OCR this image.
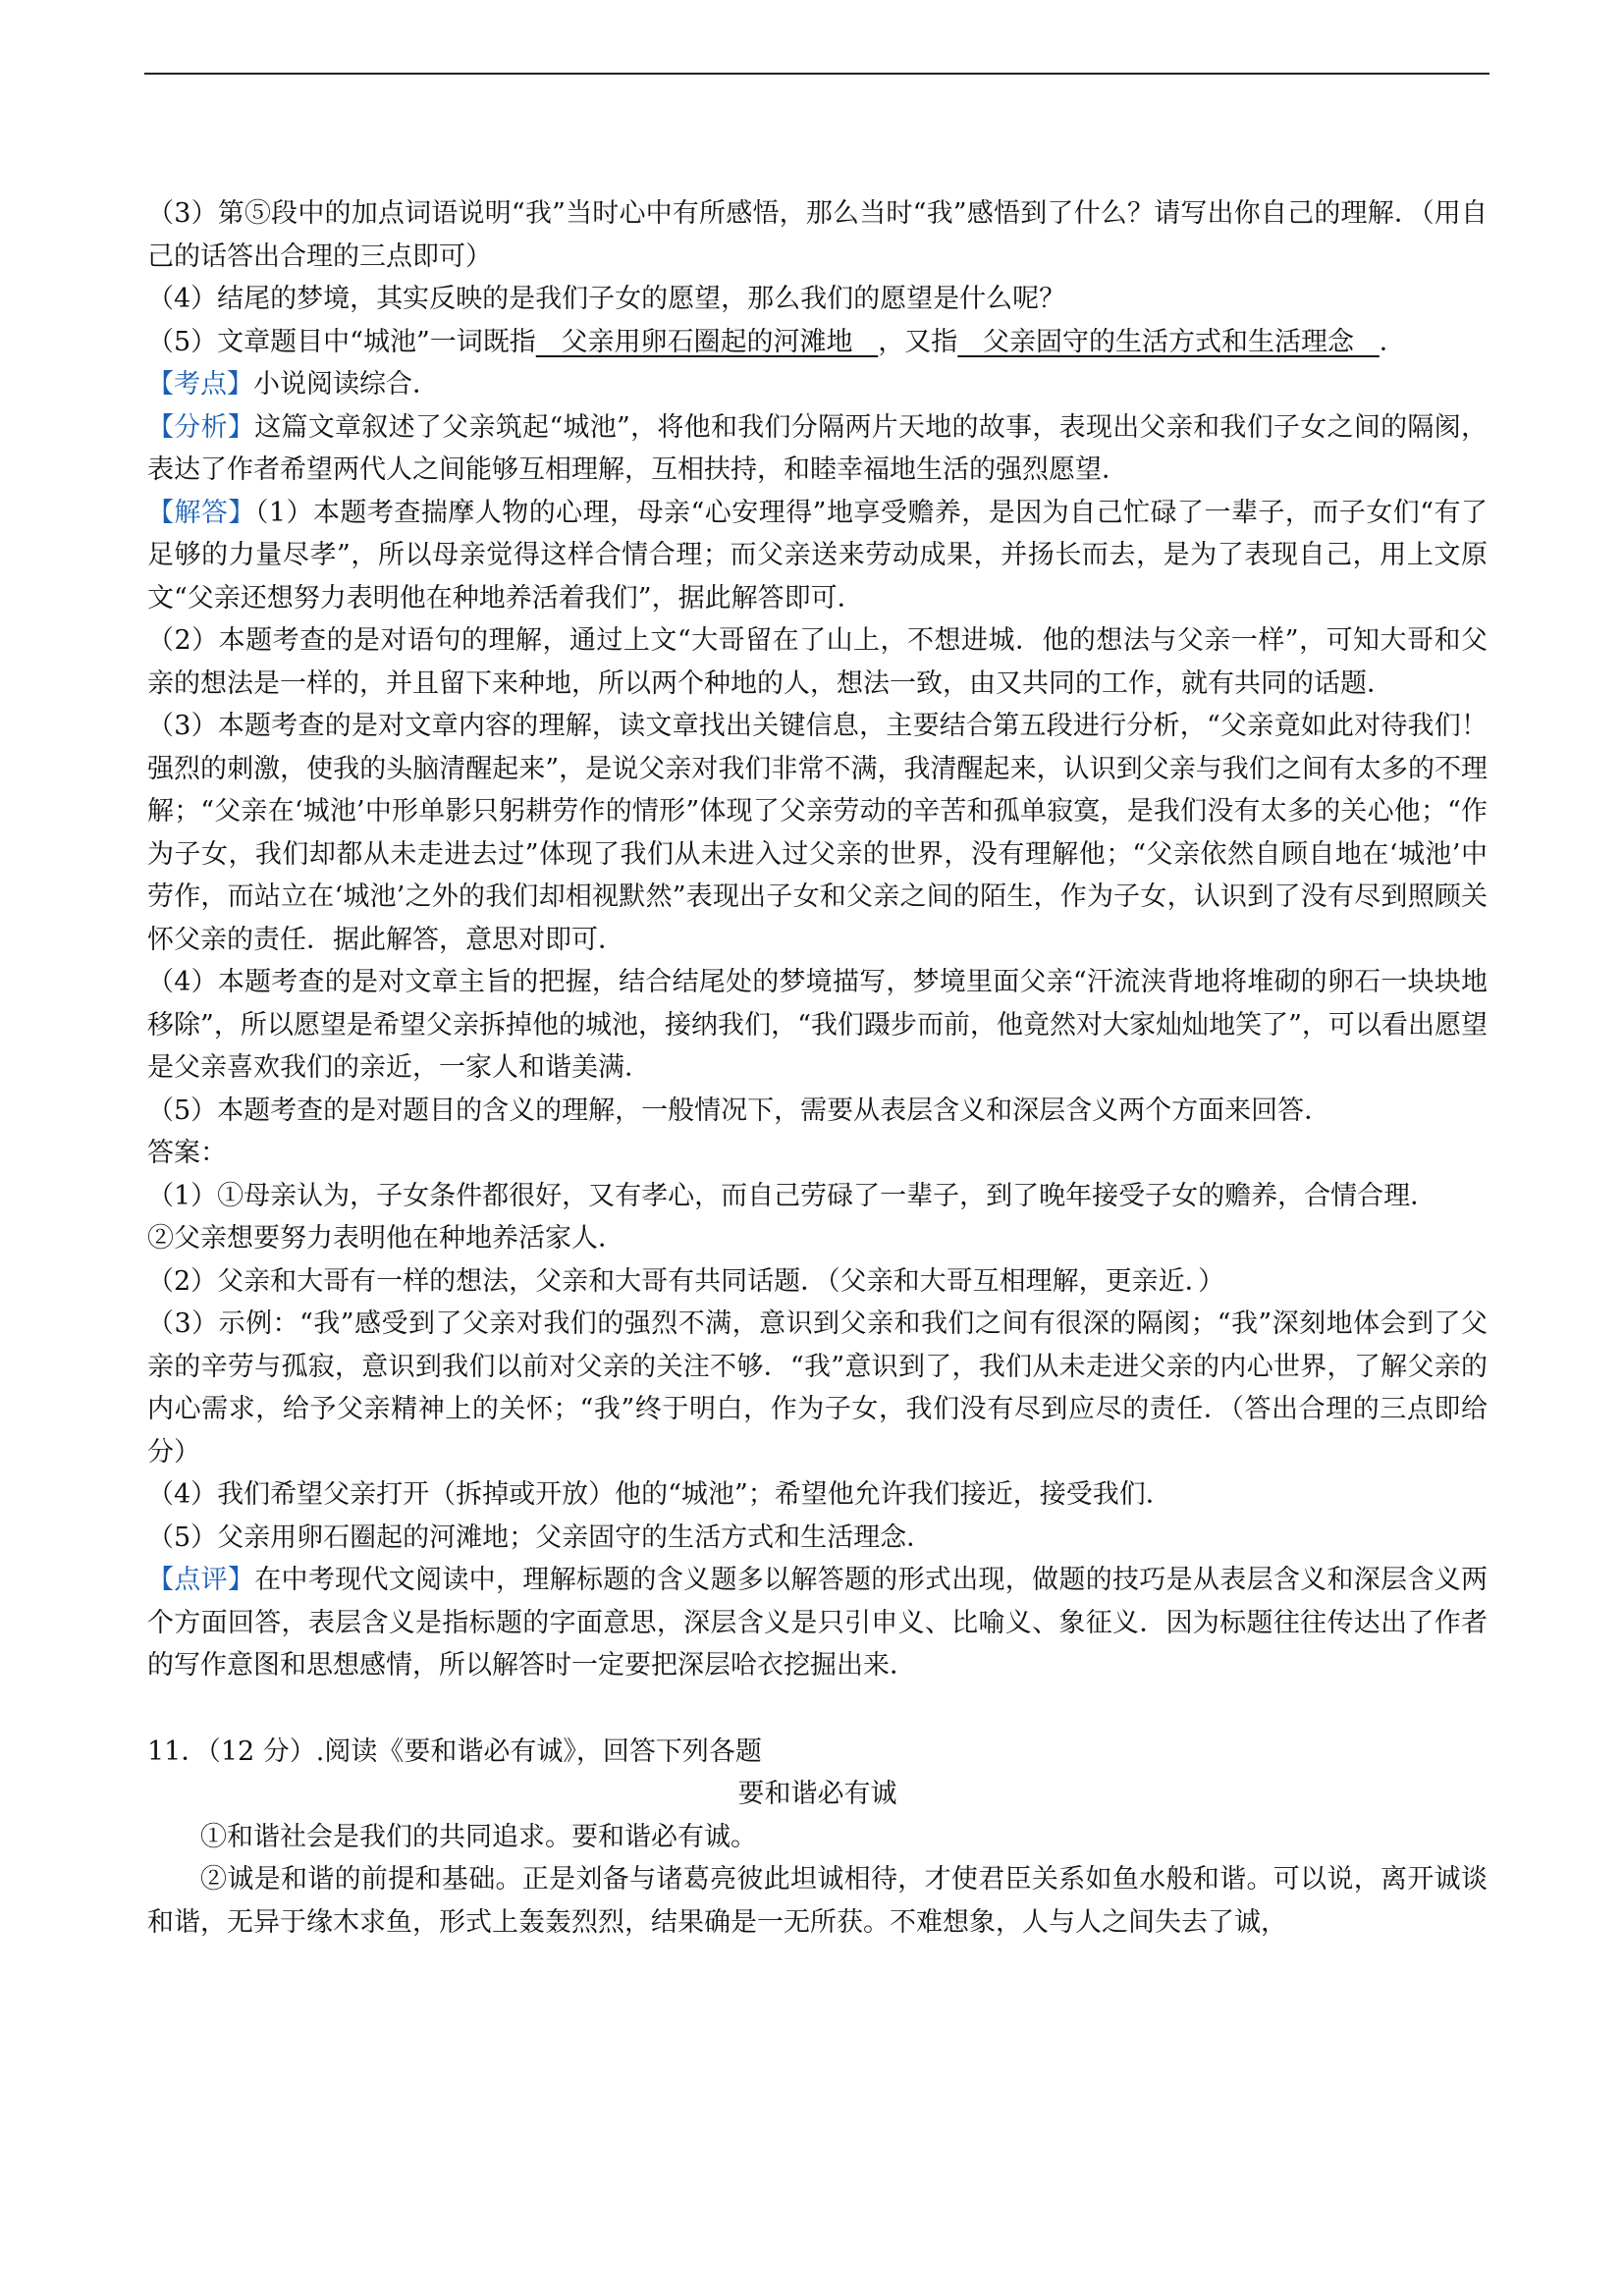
（3）第⑤段中的加点词语说明“我”当时心中有所感悟，那么当时“我”感悟到了什么？请写出你自己的理解．（用自己的话答出合理的三点即可）

（4）结尾的梦境，其实反映的是我们子女的愿望，那么我们的愿望是什么呢？

（5）文章题目中“城池”一词既指   父亲用卵石圈起的河滩地   ，又指   父亲固守的生活方式和生活理念   ．

【考点】小说阅读综合．

【分析】这篇文章叙述了父亲筑起“城池”，将他和我们分隔两片天地的故事，表现出父亲和我们子女之间的隔阂，表达了作者希望两代人之间能够互相理解，互相扶持，和睦幸福地生活的强烈愿望．

【解答】（1）本题考查揣摩人物的心理，母亲“心安理得”地享受赡养，是因为自己忙碌了一辈子，而子女们“有了足够的力量尽孝”，所以母亲觉得这样合情合理；而父亲送来劳动成果，并扬长而去，是为了表现自己，用上文原文“父亲还想努力表明他在种地养活着我们”，据此解答即可．

（2）本题考查的是对语句的理解，通过上文“大哥留在了山上，不想进城．他的想法与父亲一样”，可知大哥和父亲的想法是一样的，并且留下来种地，所以两个种地的人，想法一致，由又共同的工作，就有共同的话题．

（3）本题考查的是对文章内容的理解，读文章找出关键信息，主要结合第五段进行分析，“父亲竟如此对待我们！强烈的刺激，使我的头脑清醒起来”，是说父亲对我们非常不满，我清醒起来，认识到父亲与我们之间有太多的不理解；“父亲在‘城池’中形单影只躬耕劳作的情形”体现了父亲劳动的辛苦和孤单寂寞，是我们没有太多的关心他；“作为子女，我们却都从未走进去过”体现了我们从未进入过父亲的世界，没有理解他；“父亲依然自顾自地在‘城池’中劳作，而站立在‘城池’之外的我们却相视默然”表现出子女和父亲之间的陌生，作为子女，认识到了没有尽到照顾关怀父亲的责任．据此解答，意思对即可．

（4）本题考查的是对文章主旨的把握，结合结尾处的梦境描写，梦境里面父亲“汗流浃背地将堆砌的卵石一块块地移除”，所以愿望是希望父亲拆掉他的城池，接纳我们，“我们蹑步而前，他竟然对大家灿灿地笑了”，可以看出愿望是父亲喜欢我们的亲近，一家人和谐美满．

（5）本题考查的是对题目的含义的理解，一般情况下，需要从表层含义和深层含义两个方面来回答．

答案：

（1）①母亲认为，子女条件都很好，又有孝心，而自己劳碌了一辈子，到了晚年接受子女的赡养，合情合理．

②父亲想要努力表明他在种地养活家人．

（2）父亲和大哥有一样的想法，父亲和大哥有共同话题．（父亲和大哥互相理解，更亲近．）

（3）示例：“我”感受到了父亲对我们的强烈不满，意识到父亲和我们之间有很深的隔阂；“我”深刻地体会到了父亲的辛劳与孤寂，意识到我们以前对父亲的关注不够．“我”意识到了，我们从未走进父亲的内心世界，了解父亲的内心需求，给予父亲精神上的关怀；“我”终于明白，作为子女，我们没有尽到应尽的责任．（答出合理的三点即给分）

（4）我们希望父亲打开（拆掉或开放）他的“城池”；希望他允许我们接近，接受我们．

（5）父亲用卵石圈起的河滩地；父亲固守的生活方式和生活理念．

【点评】在中考现代文阅读中，理解标题的含义题多以解答题的形式出现，做题的技巧是从表层含义和深层含义两个方面回答，表层含义是指标题的字面意思，深层含义是只引申义、比喻义、象征义．因为标题往往传达出了作者的写作意图和思想感情，所以解答时一定要把深层哈衣挖掘出来．

11．（12 分）.阅读《要和谐必有诚》，回答下列各题

要和谐必有诚

①和谐社会是我们的共同追求。要和谐必有诚。

②诚是和谐的前提和基础。正是刘备与诸葛亮彼此坦诚相待，才使君臣关系如鱼水般和谐。可以说，离开诚谈和谐，无异于缘木求鱼，形式上轰轰烈烈，结果确是一无所获。不难想象，人与人之间失去了诚，
